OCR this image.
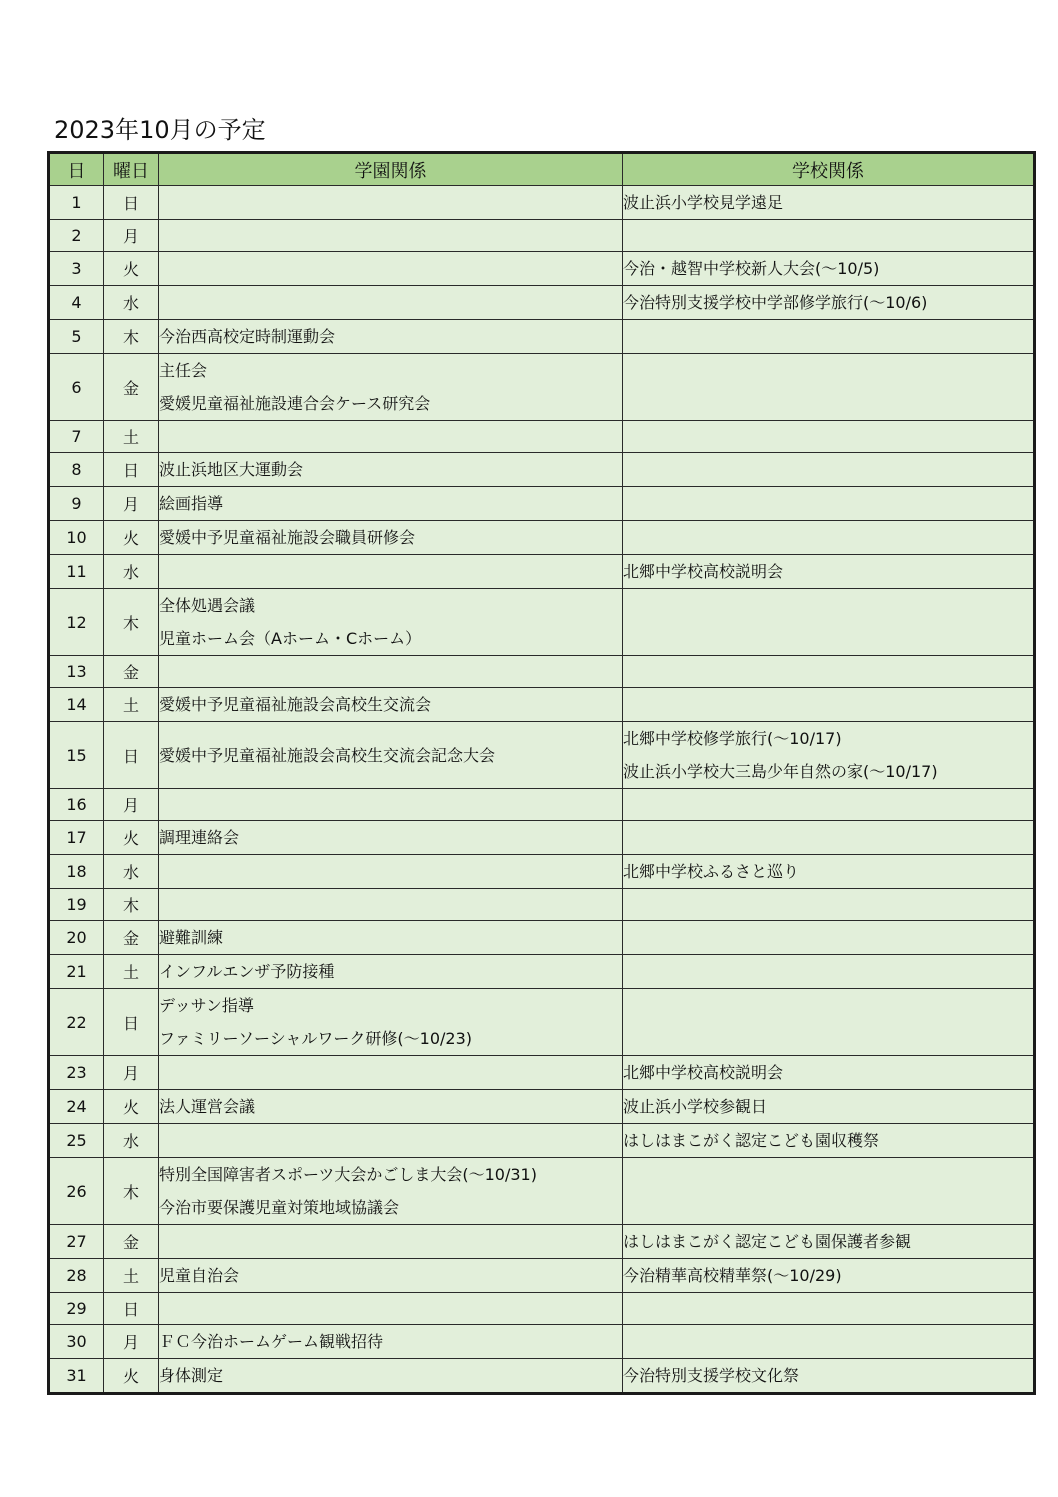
2023年10月の予定
日	曜日	学園関係	学校関係
1	日		波止浜小学校見学遠足

2	月		
3	火		今治・越智中学校新人大会(〜10/5)

4	水		今治特別支援学校中学部修学旅行(〜10/6)

5	木	今治西高校定時制運動会	

6	金	主任会
愛媛児童福祉施設連合会ケース研究会	

7	土		
8	日	波止浜地区大運動会	

9	月	絵画指導	

10	火	愛媛中予児童福祉施設会職員研修会	

11	水		北郷中学校高校説明会

12	木	全体処遇会議
児童ホーム会（Aホーム・Cホーム）	

13	金		
14	土	愛媛中予児童福祉施設会高校生交流会	

15	日	愛媛中予児童福祉施設会高校生交流会記念大会	北郷中学校修学旅行(〜10/17)
波止浜小学校大三島少年自然の家(〜10/17)

16	月		
17	火	調理連絡会	

18	水		北郷中学校ふるさと巡り

19	木		
20	金	避難訓練	

21	土	インフルエンザ予防接種	

22	日	デッサン指導
ファミリーソーシャルワーク研修(〜10/23)	

23	月		北郷中学校高校説明会

24	火	法人運営会議	波止浜小学校参観日

25	水		はしはまこがく認定こども園収穫祭

26	木	特別全国障害者スポーツ大会かごしま大会(〜10/31)
今治市要保護児童対策地域協議会	

27	金		はしはまこがく認定こども園保護者参観

28	土	児童自治会	今治精華高校精華祭(〜10/29)

29	日		
30	月	ＦＣ今治ホームゲーム観戦招待	

31	火	身体測定	今治特別支援学校文化祭
